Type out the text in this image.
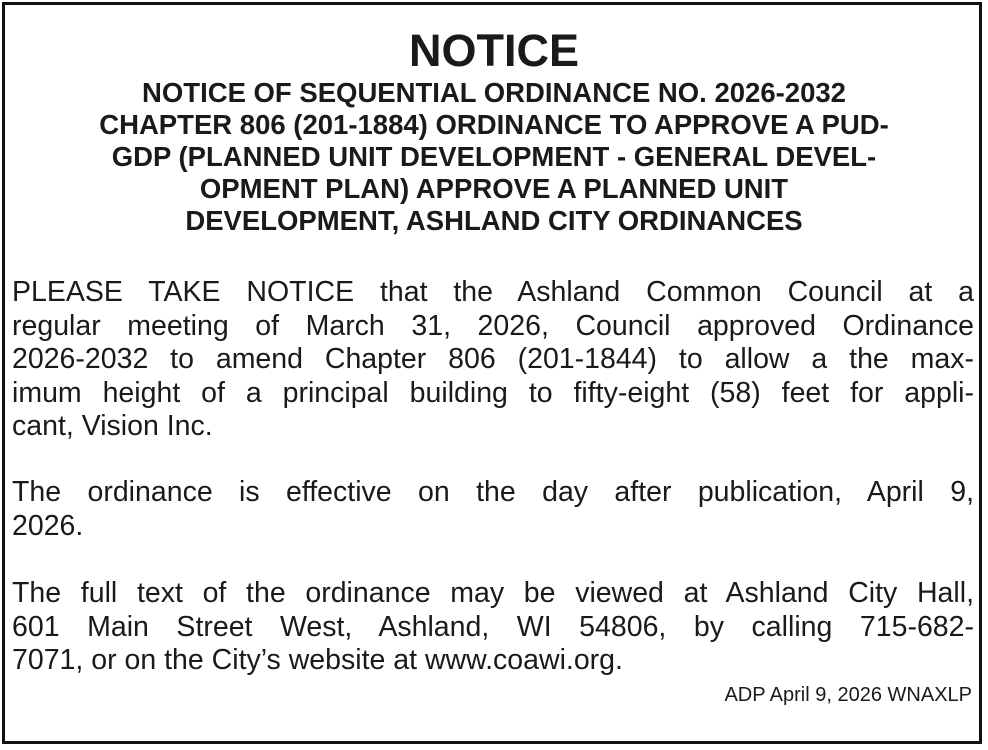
NOTICE
NOTICE OF SEQUENTIAL ORDINANCE NO. 2026-2032
CHAPTER 806 (201-1884) ORDINANCE TO APPROVE A PUD-
GDP (PLANNED UNIT DEVELOPMENT - GENERAL DEVEL-
OPMENT PLAN) APPROVE A PLANNED UNIT
DEVELOPMENT, ASHLAND CITY ORDINANCES

PLEASE TAKE NOTICE that the Ashland Common Council at a
regular meeting of March 31, 2026, Council approved Ordinance
2026-2032 to amend Chapter 806 (201-1844) to allow a the max-
imum height of a principal building to fifty-eight (58) feet for appli-
cant, Vision Inc.

The ordinance is effective on the day after publication, April 9,
2026.

The full text of the ordinance may be viewed at Ashland City Hall,
601 Main Street West, Ashland, WI 54806, by calling 715-682-
7071, or on the City’s website at www.coawi.org.

ADP April 9, 2026 WNAXLP
